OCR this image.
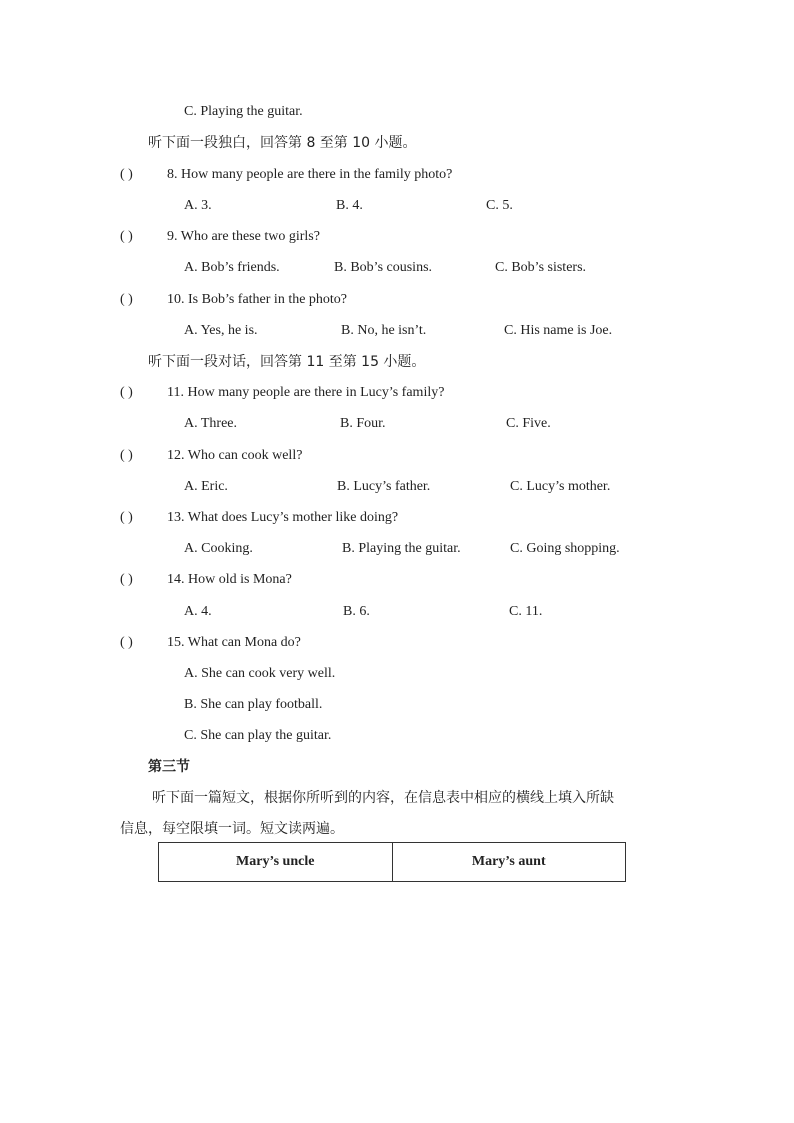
C. Playing the guitar.
听下面一段独白，回答第 8 至第 10 小题。
( ) 8. How many people are there in the family photo?
A. 3.	B. 4.	C. 5.
( ) 9. Who are these two girls?
A. Bob’s friends.	B. Bob’s cousins.	C. Bob’s sisters.
( ) 10. Is Bob’s father in the photo?
A. Yes, he is.	B. No, he isn’t.	C. His name is Joe.
听下面一段对话，回答第 11 至第 15 小题。
( ) 11. How many people are there in Lucy’s family?
A. Three.	B. Four.	C. Five.
( ) 12. Who can cook well?
A. Eric.	B. Lucy’s father.	C. Lucy’s mother.
( ) 13. What does Lucy’s mother like doing?
A. Cooking.	B. Playing the guitar.	C. Going shopping.
( ) 14. How old is Mona?
A. 4.	B. 6.	C. 11.
( ) 15. What can Mona do?
A. She can cook very well.
B. She can play football.
C. She can play the guitar.
第三节
听下面一篇短文，根据你所听到的内容，在信息表中相应的横线上填入所缺
信息，每空限填一词。短文读两遍。
Mary’s uncle	Mary’s aunt
